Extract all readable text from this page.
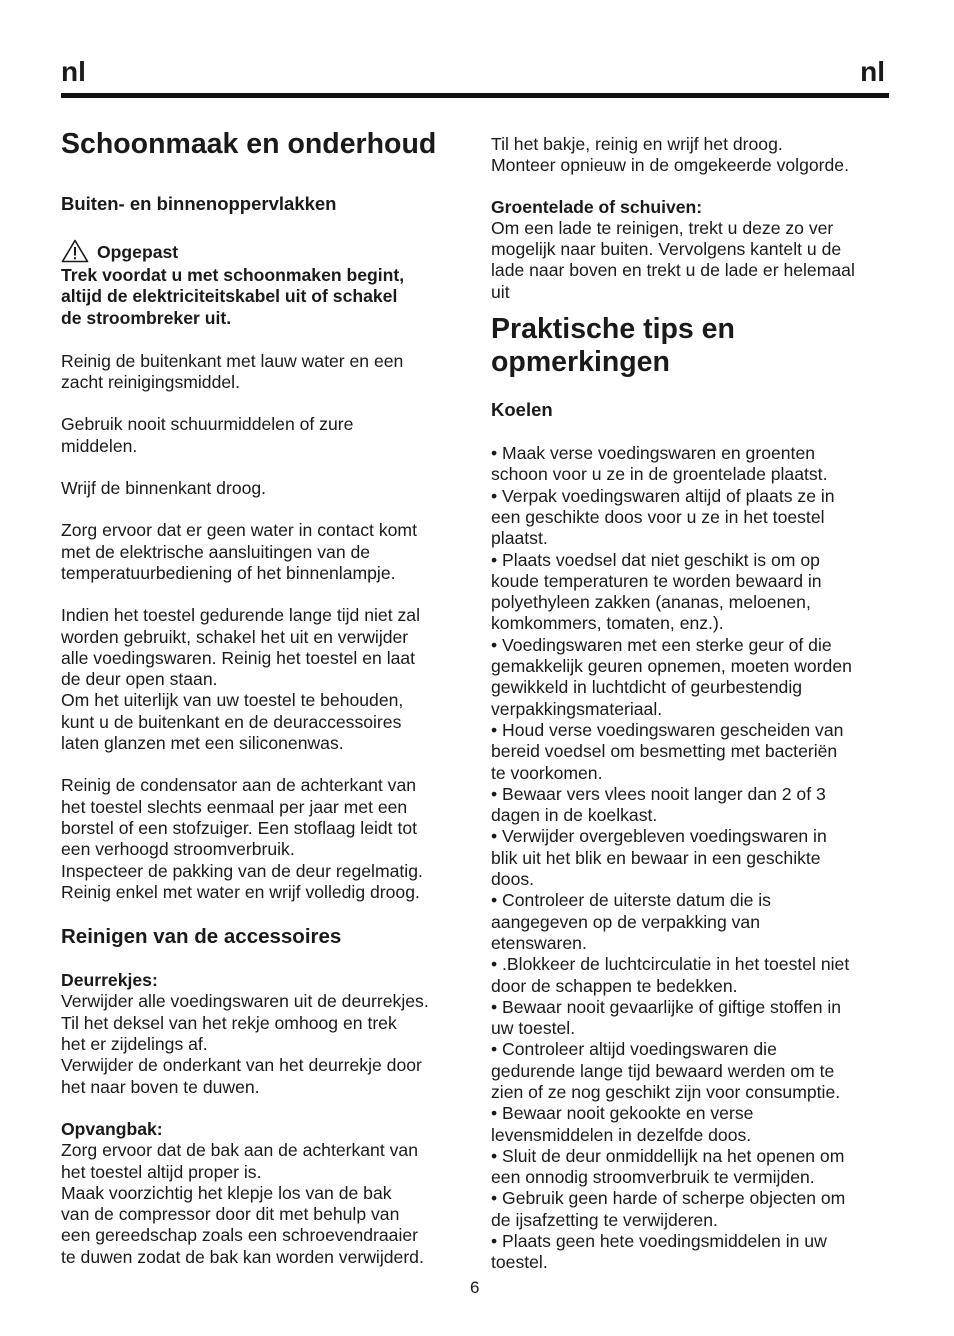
nl	nl
Schoonmaak en onderhoud
Buiten- en binnenoppervlakken
Opgepast
Trek voordat u met schoonmaken begint,
altijd de elektriciteitskabel uit of schakel
de stroombreker uit.
Reinig de buitenkant met lauw water en een
zacht reinigingsmiddel.
Gebruik nooit schuurmiddelen of zure
middelen.
Wrijf de binnenkant droog.
Zorg ervoor dat er geen water in contact komt
met de elektrische aansluitingen van de
temperatuurbediening of het binnenlampje.
Indien het toestel gedurende lange tijd niet zal
worden gebruikt, schakel het uit en verwijder
alle voedingswaren. Reinig het toestel en laat
de deur open staan.
Om het uiterlijk van uw toestel te behouden,
kunt u de buitenkant en de deuraccessoires
laten glanzen met een siliconenwas.
Reinig de condensator aan de achterkant van
het toestel slechts eenmaal per jaar met een
borstel of een stofzuiger. Een stoflaag leidt tot
een verhoogd stroomverbruik.
Inspecteer de pakking van de deur regelmatig.
Reinig enkel met water en wrijf volledig droog.
Reinigen van de accessoires
Deurrekjes:
Verwijder alle voedingswaren uit de deurrekjes.
Til het deksel van het rekje omhoog en trek
het er zijdelings af.
Verwijder de onderkant van het deurrekje door
het naar boven te duwen.
Opvangbak:
Zorg ervoor dat de bak aan de achterkant van
het toestel altijd proper is.
Maak voorzichtig het klepje los van de bak
van de compressor door dit met behulp van
een gereedschap zoals een schroevendraaier
te duwen zodat de bak kan worden verwijderd.
Til het bakje, reinig en wrijf het droog.
Monteer opnieuw in de omgekeerde volgorde.
Groentelade of schuiven:
Om een lade te reinigen, trekt u deze zo ver
mogelijk naar buiten. Vervolgens kantelt u de
lade naar boven en trekt u de lade er helemaal
uit
Praktische tips en
opmerkingen
Koelen
• Maak verse voedingswaren en groenten
schoon voor u ze in de groentelade plaatst.
• Verpak voedingswaren altijd of plaats ze in
een geschikte doos voor u ze in het toestel
plaatst.
• Plaats voedsel dat niet geschikt is om op
koude temperaturen te worden bewaard in
polyethyleen zakken (ananas, meloenen,
komkommers, tomaten, enz.).
• Voedingswaren met een sterke geur of die
gemakkelijk geuren opnemen, moeten worden
gewikkeld in luchtdicht of geurbestendig
verpakkingsmateriaal.
• Houd verse voedingswaren gescheiden van
bereid voedsel om besmetting met bacteriën
te voorkomen.
• Bewaar vers vlees nooit langer dan 2 of 3
dagen in de koelkast.
• Verwijder overgebleven voedingswaren in
blik uit het blik en bewaar in een geschikte
doos.
• Controleer de uiterste datum die is
aangegeven op de verpakking van
etenswaren.
• .Blokkeer de luchtcirculatie in het toestel niet
door de schappen te bedekken.
• Bewaar nooit gevaarlijke of giftige stoffen in
uw toestel.
• Controleer altijd voedingswaren die
gedurende lange tijd bewaard werden om te
zien of ze nog geschikt zijn voor consumptie.
• Bewaar nooit gekookte en verse
levensmiddelen in dezelfde doos.
• Sluit de deur onmiddellijk na het openen om
een onnodig stroomverbruik te vermijden.
• Gebruik geen harde of scherpe objecten om
de ijsafzetting te verwijderen.
• Plaats geen hete voedingsmiddelen in uw
toestel.
6
